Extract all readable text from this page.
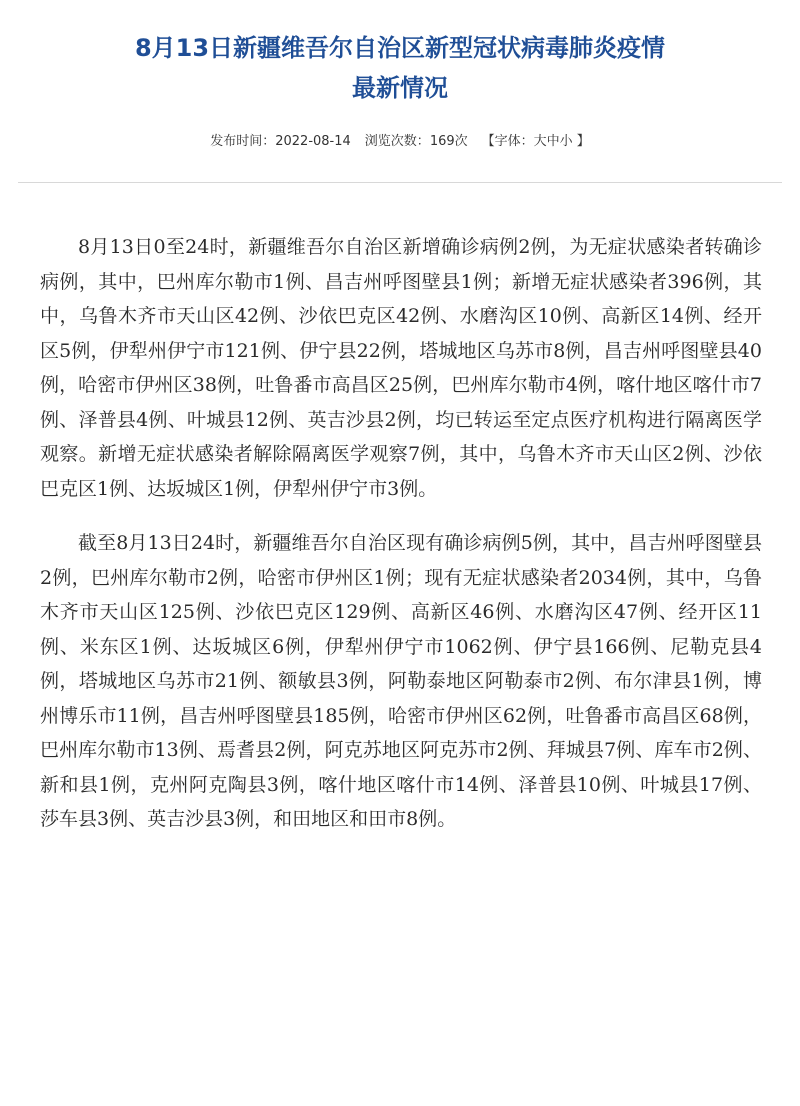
8月13日新疆维吾尔自治区新型冠状病毒肺炎疫情
最新情况
发布时间：2022-08-14 浏览次数：169次 【字体：大中小 】

8月13日0至24时，新疆维吾尔自治区新增确诊病例2例，为无症状感染者转确诊病例，其中，巴州库尔勒市1例、昌吉州呼图壁县1例；新增无症状感染者396例，其中，乌鲁木齐市天山区42例、沙依巴克区42例、水磨沟区10例、高新区14例、经开区5例，伊犁州伊宁市121例、伊宁县22例，塔城地区乌苏市8例，昌吉州呼图壁县40例，哈密市伊州区38例，吐鲁番市高昌区25例，巴州库尔勒市4例，喀什地区喀什市7例、泽普县4例、叶城县12例、英吉沙县2例，均已转运至定点医疗机构进行隔离医学观察。新增无症状感染者解除隔离医学观察7例，其中，乌鲁木齐市天山区2例、沙依巴克区1例、达坂城区1例，伊犁州伊宁市3例。

截至8月13日24时，新疆维吾尔自治区现有确诊病例5例，其中，昌吉州呼图壁县2例，巴州库尔勒市2例，哈密市伊州区1例；现有无症状感染者2034例，其中，乌鲁木齐市天山区125例、沙依巴克区129例、高新区46例、水磨沟区47例、经开区11例、米东区1例、达坂城区6例，伊犁州伊宁市1062例、伊宁县166例、尼勒克县4例，塔城地区乌苏市21例、额敏县3例，阿勒泰地区阿勒泰市2例、布尔津县1例，博州博乐市11例，昌吉州呼图壁县185例，哈密市伊州区62例，吐鲁番市高昌区68例，巴州库尔勒市13例、焉耆县2例，阿克苏地区阿克苏市2例、拜城县7例、库车市2例、新和县1例，克州阿克陶县3例，喀什地区喀什市14例、泽普县10例、叶城县17例、莎车县3例、英吉沙县3例，和田地区和田市8例。
